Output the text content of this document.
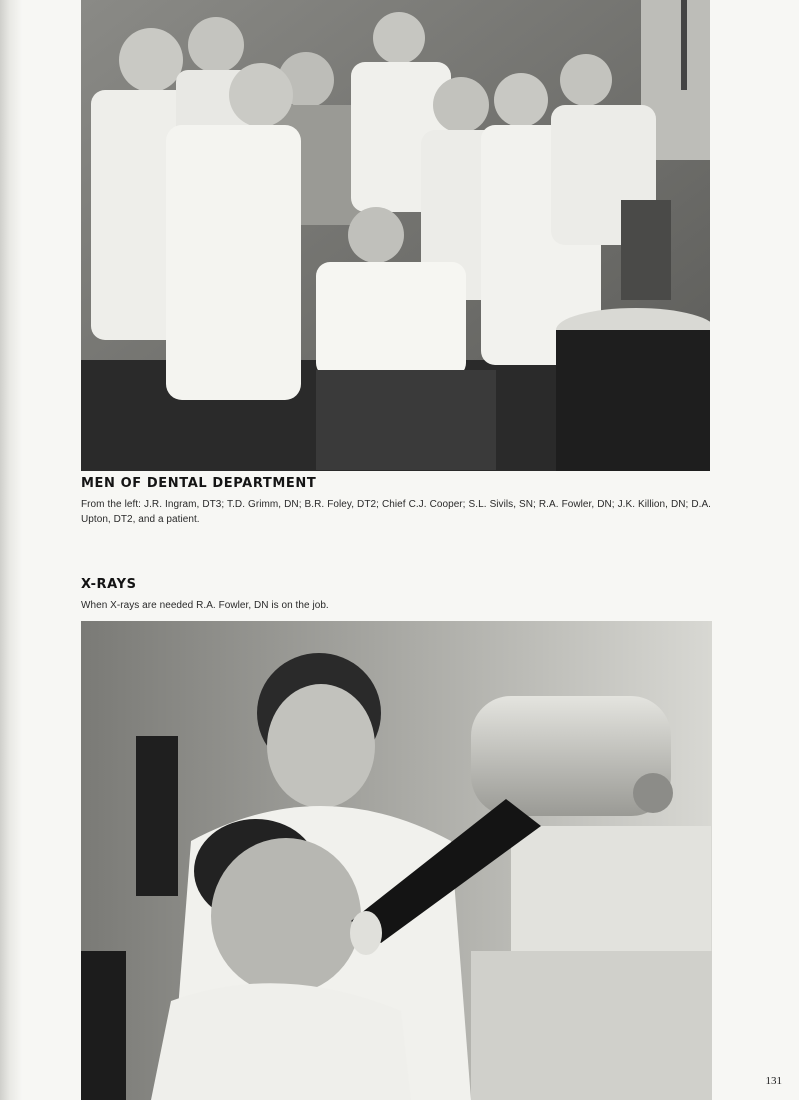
MEN OF DENTAL DEPARTMENT

From the left: J.R. Ingram, DT3; T.D. Grimm, DN; B.R. Foley, DT2; Chief C.J. Cooper; S.L. Sivils, SN; R.A. Fowler, DN; J.K. Killion, DN; D.A. Upton, DT2, and a patient.

X-RAYS

When X-rays are needed R.A. Fowler, DN is on the job.

131
